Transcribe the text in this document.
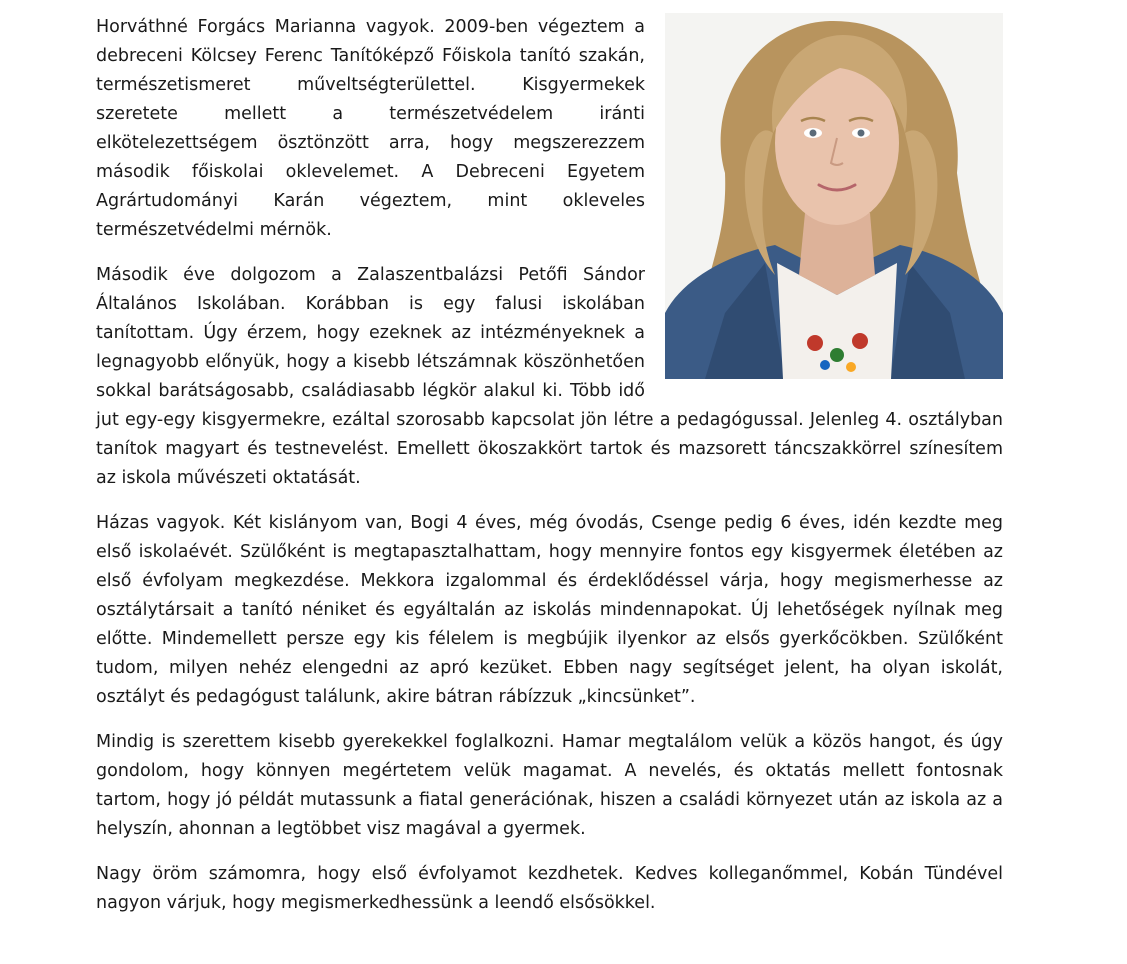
Horváthné Forgács Marianna vagyok. 2009-ben végeztem a debreceni Kölcsey Ferenc Tanítóképző Főiskola tanító szakán, természetismeret műveltségterülettel. Kisgyermekek szeretete mellett a természetvédelem iránti elkötelezettségem ösztönzött arra, hogy megszerezzem második főiskolai oklevelemet. A Debreceni Egyetem Agrártudományi Karán végeztem, mint okleveles természetvédelmi mérnök.

Második éve dolgozom a Zalaszentbalázsi Petőfi Sándor Általános Iskolában. Korábban is egy falusi iskolában tanítottam. Úgy érzem, hogy ezeknek az intézményeknek a legnagyobb előnyük, hogy a kisebb létszámnak köszönhetően sokkal barátságosabb, családiasabb légkör alakul ki. Több idő jut egy-egy kisgyermekre, ezáltal szorosabb kapcsolat jön létre a pedagógussal. Jelenleg 4. osztályban tanítok magyart és testnevelést. Emellett ökoszakkört tartok és mazsorett táncszakkörrel színesítem az iskola művészeti oktatását.

Házas vagyok. Két kislányom van, Bogi 4 éves, még óvodás, Csenge pedig 6 éves, idén kezdte meg első iskolaévét. Szülőként is megtapasztalhattam, hogy mennyire fontos egy kisgyermek életében az első évfolyam megkezdése. Mekkora izgalommal és érdeklődéssel várja, hogy megismerhesse az osztálytársait a tanító néniket és egyáltalán az iskolás mindennapokat. Új lehetőségek nyílnak meg előtte. Mindemellett persze egy kis félelem is megbújik ilyenkor az elsős gyerkőcökben. Szülőként tudom, milyen nehéz elengedni az apró kezüket. Ebben nagy segítséget jelent, ha olyan iskolát, osztályt és pedagógust találunk, akire bátran rábízzuk „kincsünket”.

Mindig is szerettem kisebb gyerekekkel foglalkozni. Hamar megtalálom velük a közös hangot, és úgy gondolom, hogy könnyen megértetem velük magamat. A nevelés, és oktatás mellett fontosnak tartom, hogy jó példát mutassunk a fiatal generációnak, hiszen a családi környezet után az iskola az a helyszín, ahonnan a legtöbbet visz magával a gyermek.

Nagy öröm számomra, hogy első évfolyamot kezdhetek. Kedves kolleganőmmel, Kobán Tündével nagyon várjuk, hogy megismerkedhessünk a leendő elsősökkel.
